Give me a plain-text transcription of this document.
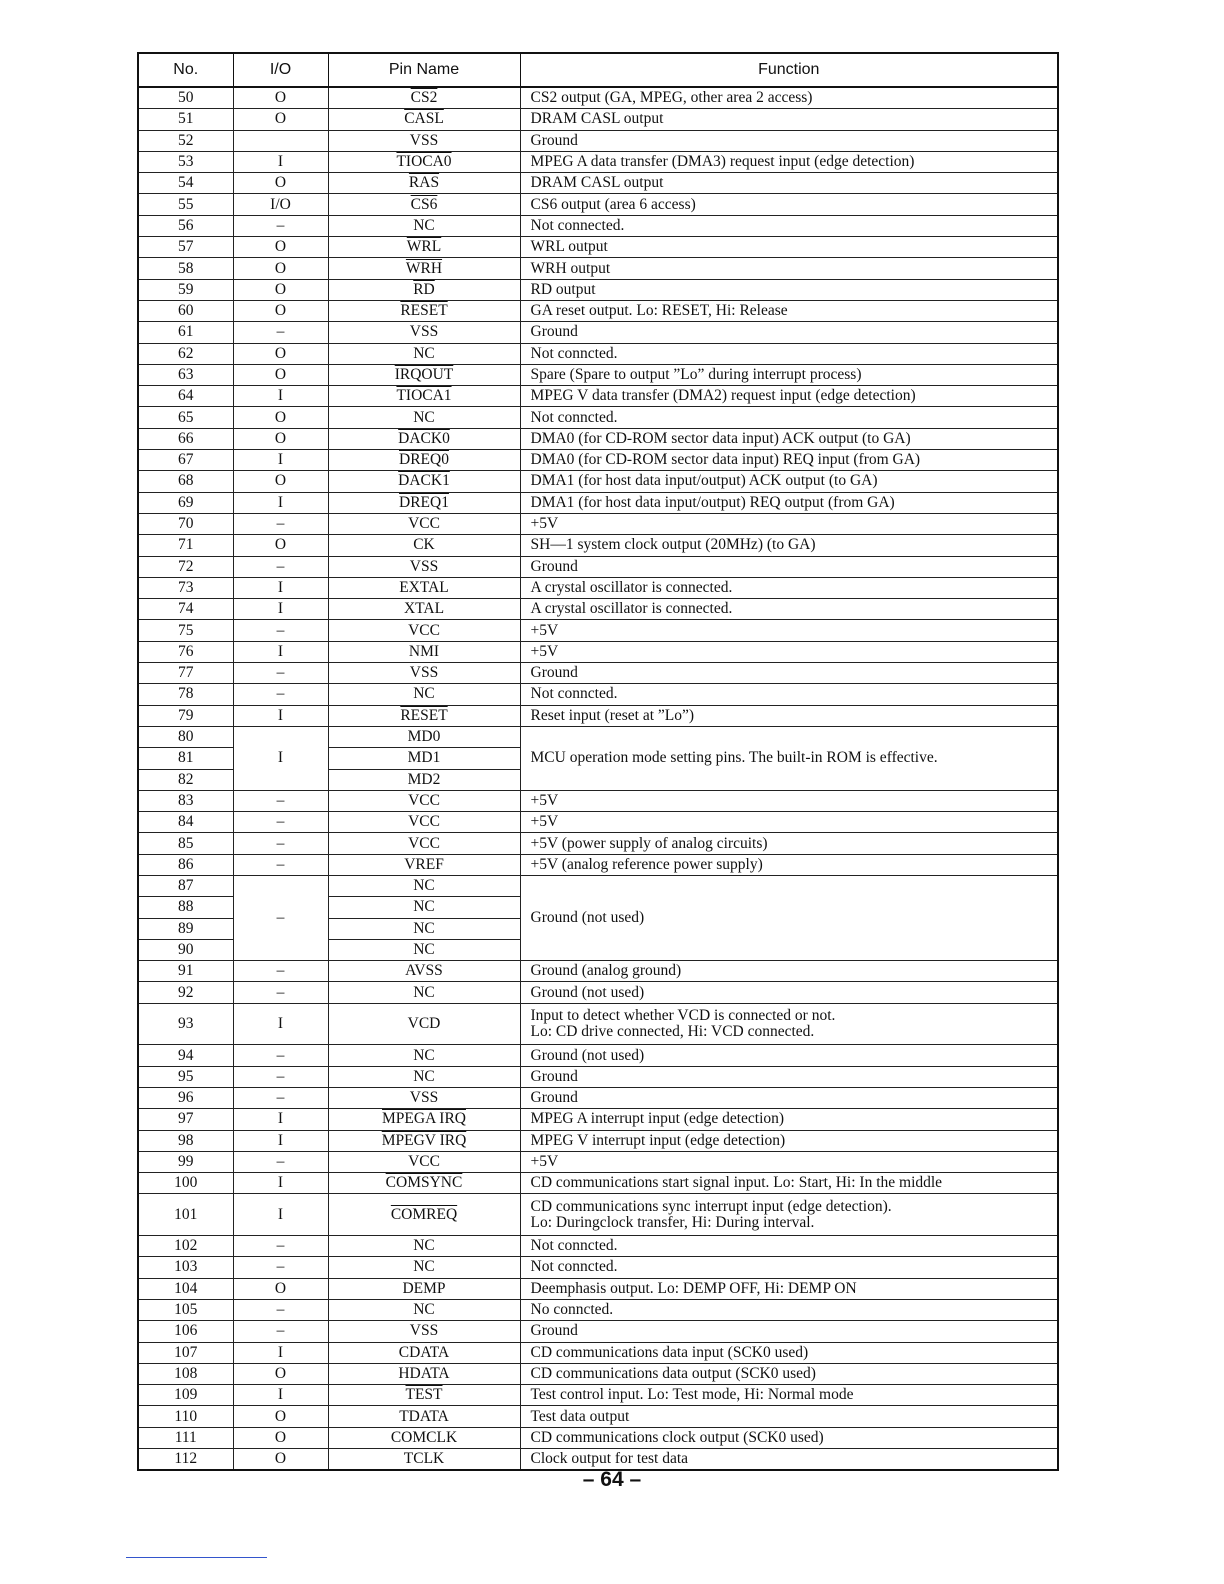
No.	I/O	Pin Name	Function
50	O	CS2	CS2 output (GA, MPEG, other area 2 access)
51	O	CASL	DRAM CASL output
52		VSS	Ground
53	I	TIOCA0	MPEG A data transfer (DMA3) request input (edge detection)
54	O	$\overline{RAS}$	DRAM CASL output
55	I/O	CS6	CS6 output (area 6 access)
56	–	NC	Not connected.
57	O	$\overline{WRL}$	WRL output
58	O	$\overline{WRH}$	WRH output
59	O	$\overline{RD}$	RD output
60	O	RESET	GA reset output. Lo: RESET, Hi: Release
61	–	VSS	Ground
62	O	NC	Not conncted.
63	O	IRQOUT	Spare (Spare to output ”Lo” during interrupt process)
64	I	TIOCA1	MPEG V data transfer (DMA2) request input (edge detection)
65	O	NC	Not conncted.
66	O	DACK0	DMA0 (for CD-ROM sector data input) ACK output (to GA)
67	I	DREQ0	DMA0 (for CD-ROM sector data input) REQ input (from GA)
68	O	DACK1	DMA1 (for host data input/output) ACK output (to GA)
69	I	DREQ1	DMA1 (for host data input/output) REQ output (from GA)
70	–	VCC	+5V
71	O	CK	SH—1 system clock output (20MHz) (to GA)
72	–	VSS	Ground
73	I	EXTAL	A crystal oscillator is connected.
74	I	XTAL	A crystal oscillator is connected.
75	–	VCC	+5V
76	I	NMI	+5V
77	–	VSS	Ground
78	–	NC	Not conncted.
79	I	RESET	Reset input (reset at ”Lo”)
80	I	MD0	MCU operation mode setting pins. The built-in ROM is effective.
81		MD1	
82		MD2	
83	–	VCC	+5V
84	–	VCC	+5V
85	–	VCC	+5V (power supply of analog circuits)
86	–	VREF	+5V (analog reference power supply)
87	–	NC	Ground (not used)
88		NC	
89		NC	
90		NC	
91	–	AVSS	Ground (analog ground)
92	–	NC	Ground (not used)
93	I	VCD	Input to detect whether VCD is connected or not.
Lo: CD drive connected, Hi: VCD connected.

94	–	NC	Ground (not used)
95	–	NC	Ground
96	–	VSS	Ground
97	I	MPEGA IRQ	MPEG A interrupt input (edge detection)
98	I	MPEGV IRQ	MPEG V interrupt input (edge detection)
99	–	VCC	+5V
100	I	COMSYNC	CD communications start signal input. Lo: Start, Hi: In the middle
101	I	COMREQ	CD communications sync interrupt input (edge detection).
Lo: Duringclock transfer, Hi: During interval.

102	–	NC	Not conncted.
103	–	NC	Not conncted.
104	O	DEMP	Deemphasis output. Lo: DEMP OFF, Hi: DEMP ON
105	–	NC	No conncted.
106	–	VSS	Ground
107	I	CDATA	CD communications data input (SCK0 used)
108	O	HDATA	CD communications data output (SCK0 used)
109	I	TEST	Test control input. Lo: Test mode, Hi: Normal mode
110	O	TDATA	Test data output
111	O	COMCLK	CD communications clock output (SCK0 used)
112	O	TCLK	Clock output for test data
– 64 –
